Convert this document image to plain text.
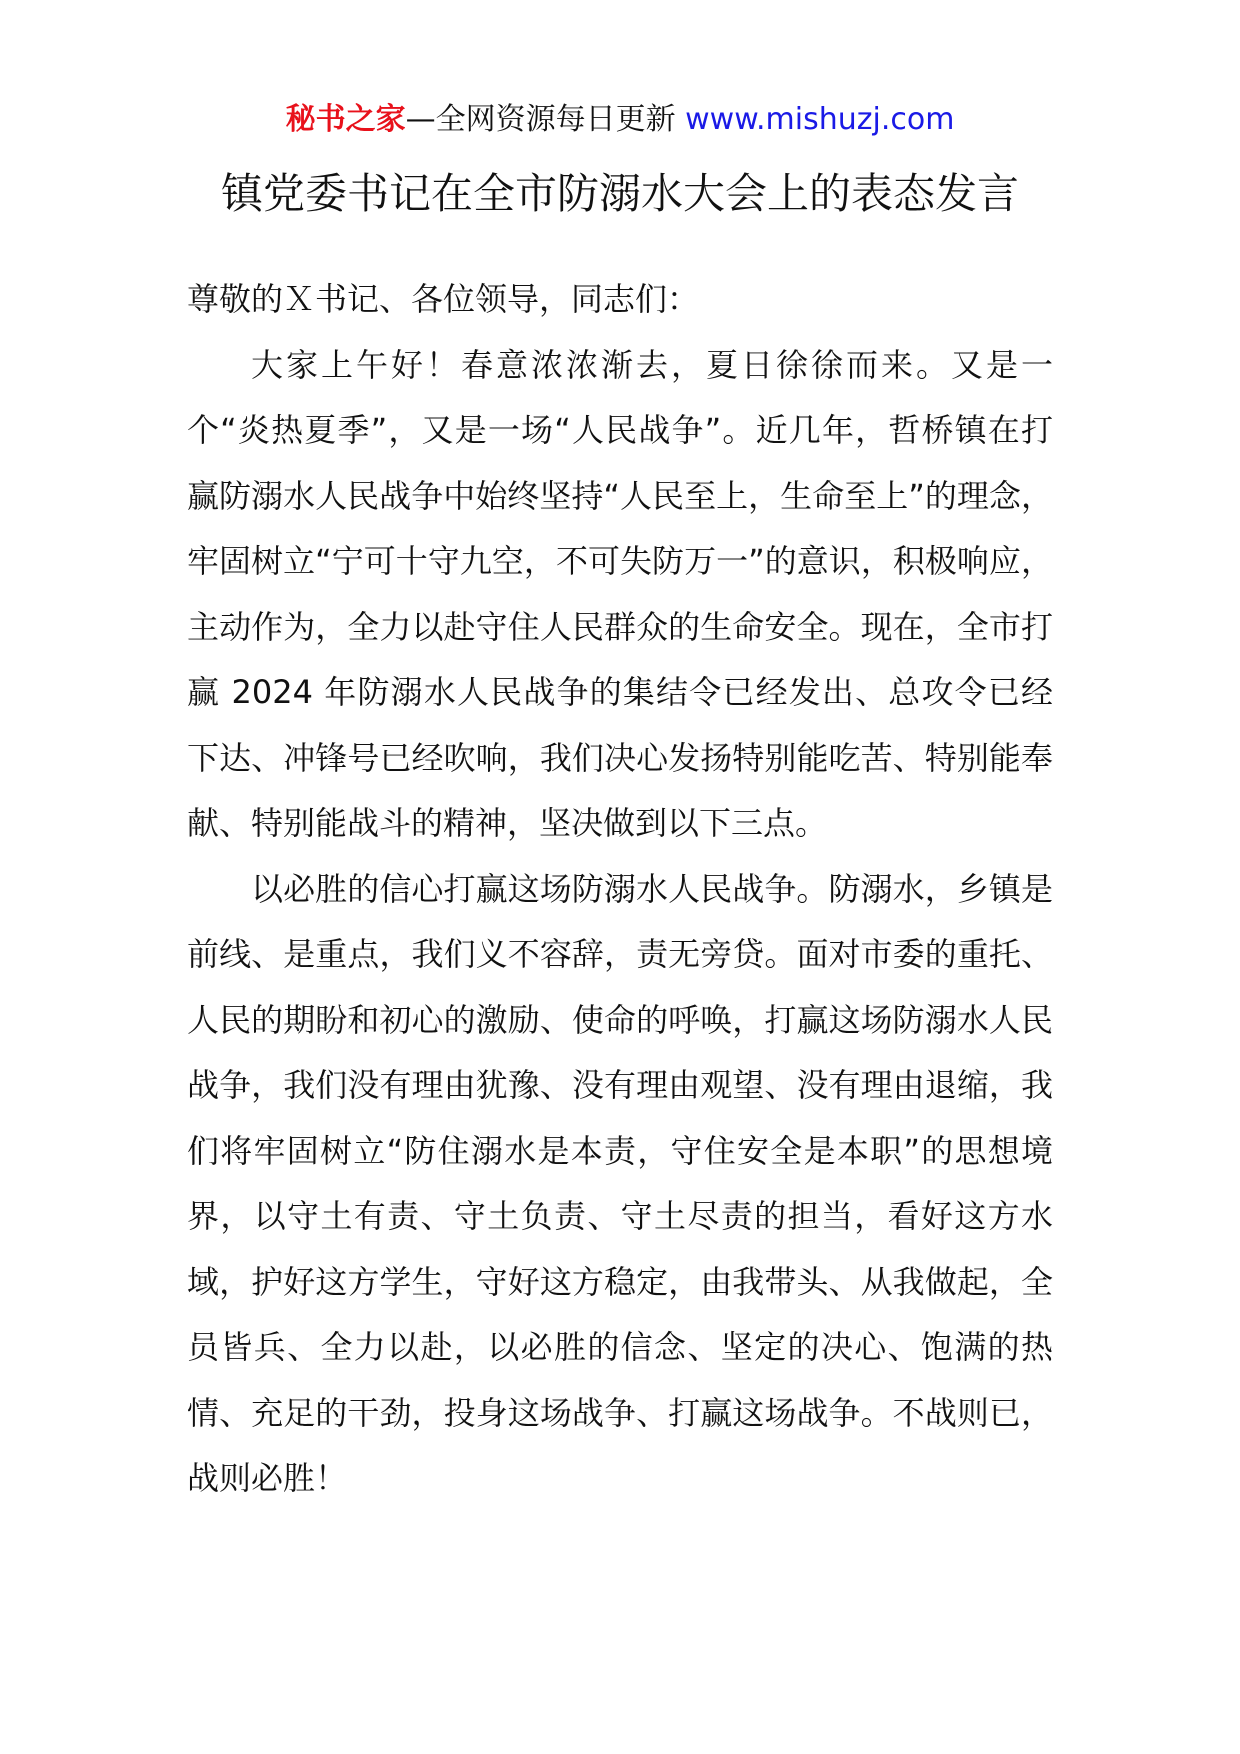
秘书之家—全网资源每日更新 www.mishuzj.com
镇党委书记在全市防溺水大会上的表态发言

尊敬的Ｘ书记、各位领导，同志们：

大家上午好！春意浓浓渐去，夏日徐徐而来。又是一个“炎热夏季”，又是一场“人民战争”。近几年，哲桥镇在打赢防溺水人民战争中始终坚持“人民至上，生命至上”的理念，牢固树立“宁可十守九空，不可失防万一”的意识，积极响应，主动作为，全力以赴守住人民群众的生命安全。现在，全市打赢 2024 年防溺水人民战争的集结令已经发出、总攻令已经下达、冲锋号已经吹响，我们决心发扬特别能吃苦、特别能奉献、特别能战斗的精神，坚决做到以下三点。

以必胜的信心打赢这场防溺水人民战争。防溺水，乡镇是前线、是重点，我们义不容辞，责无旁贷。面对市委的重托、人民的期盼和初心的激励、使命的呼唤，打赢这场防溺水人民战争，我们没有理由犹豫、没有理由观望、没有理由退缩，我们将牢固树立“防住溺水是本责，守住安全是本职”的思想境界，以守土有责、守土负责、守土尽责的担当，看好这方水域，护好这方学生，守好这方稳定，由我带头、从我做起，全员皆兵、全力以赴，以必胜的信念、坚定的决心、饱满的热情、充足的干劲，投身这场战争、打赢这场战争。不战则已，战则必胜！
